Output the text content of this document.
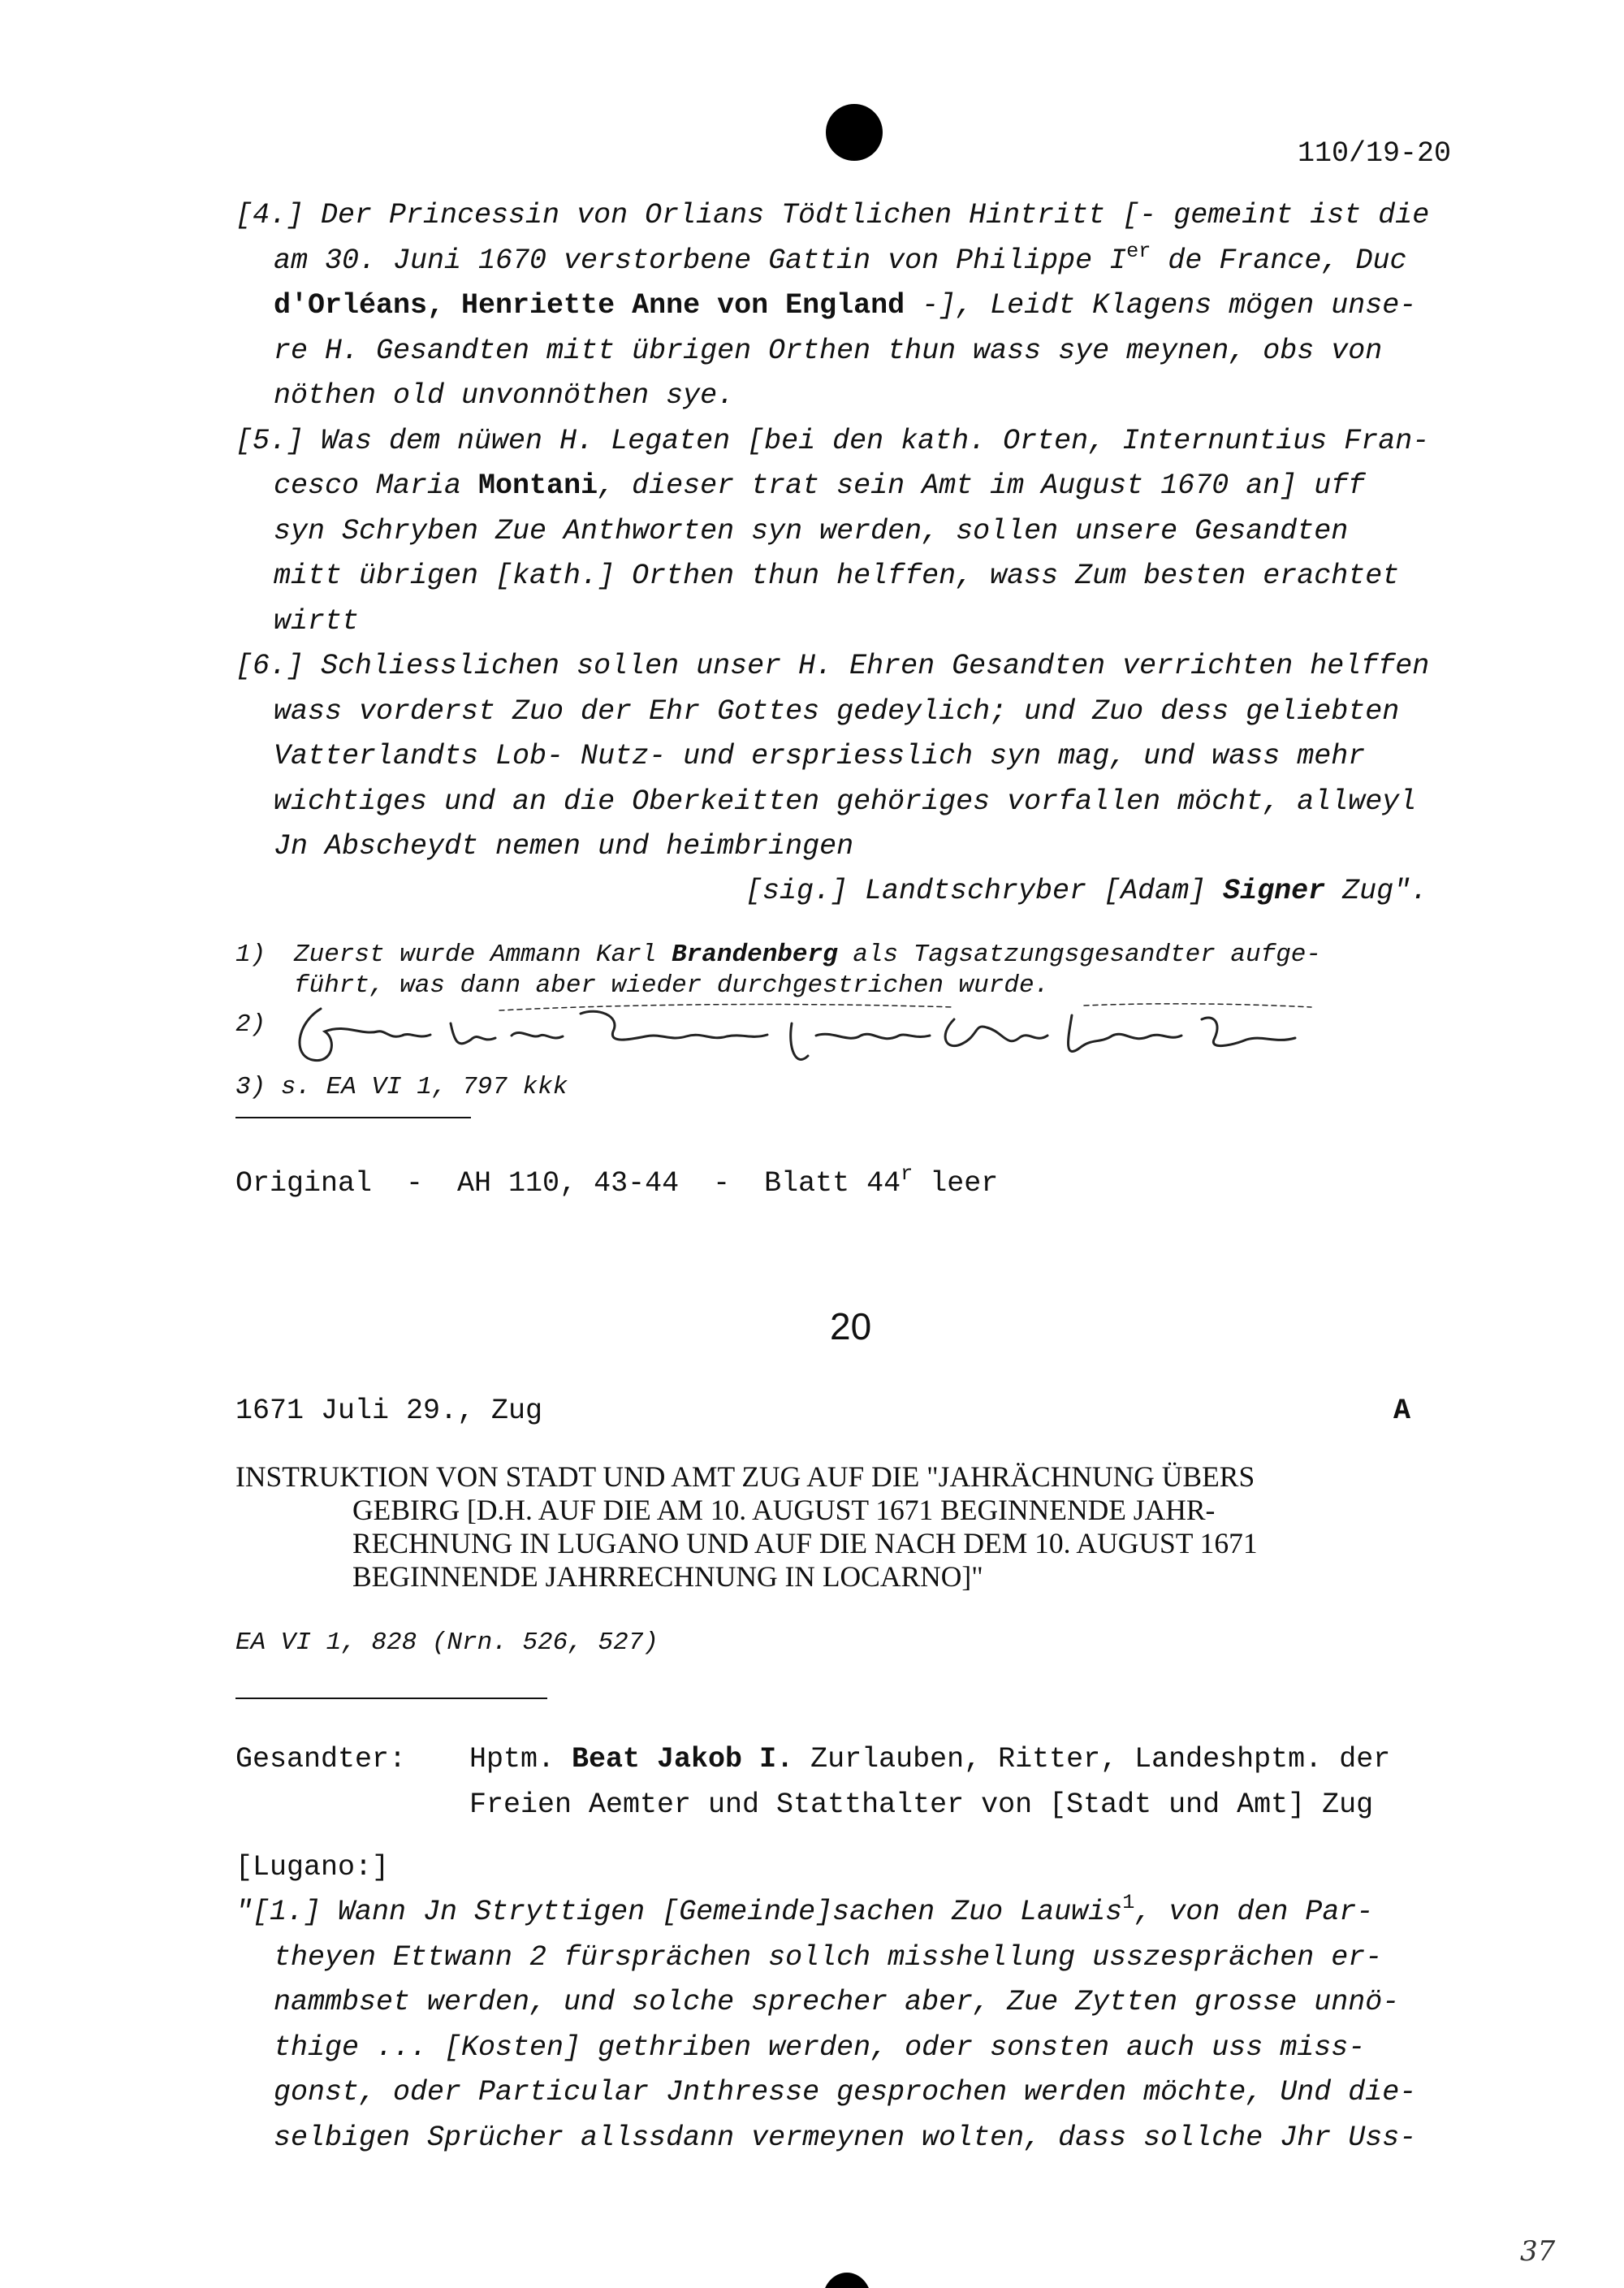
110/19-20
[4.] Der Princessin von Orlians Tödtlichen Hintritt [- gemeint ist die
am 30. Juni 1670 verstorbene Gattin von Philippe Ier de France, Duc
d'Orléans, Henriette Anne von England -], Leidt Klagens mögen unse-
re H. Gesandten mitt übrigen Orthen thun wass sye meynen, obs von
nöthen old unvonnöthen sye.
[5.] Was dem nüwen H. Legaten [bei den kath. Orten, Internuntius Fran-
cesco Maria Montani, dieser trat sein Amt im August 1670 an] uff
syn Schryben Zue Anthworten syn werden, sollen unsere Gesandten
mitt übrigen [kath.] Orthen thun helffen, wass Zum besten erachtet
wirtt
[6.] Schliesslichen sollen unser H. Ehren Gesandten verrichten helffen
wass vorderst Zuo der Ehr Gottes gedeylich; und Zuo dess geliebten
Vatterlandts Lob- Nutz- und erspriesslich syn mag, und wass mehr
wichtiges und an die Oberkeitten gehöriges vorfallen möcht, allweyl
Jn Abscheydt nemen und heimbringen
[sig.] Landtschryber [Adam] Signer Zug".
1) Zuerst wurde Ammann Karl Brandenberg als Tagsatzungsgesandter aufge-
führt, was dann aber wieder durchgestrichen wurde.
2)
3) s. EA VI 1, 797 kkk
Original  -  AH 110, 43-44  -  Blatt 44$^r$ leer
20
1671 Juli 29., Zug	A
INSTRUKTION VON STADT UND AMT ZUG AUF DIE "JAHRÄCHNUNG ÜBERS
GEBIRG [D.H. AUF DIE AM 10. AUGUST 1671 BEGINNENDE JAHR-
RECHNUNG IN LUGANO UND AUF DIE NACH DEM 10. AUGUST 1671
BEGINNENDE JAHRRECHNUNG IN LOCARNO]"
EA VI 1, 828 (Nrn. 526, 527)
Gesandter: Hptm. Beat Jakob I. Zurlauben, Ritter, Landeshptm. der
Freien Aemter und Statthalter von [Stadt und Amt] Zug
[Lugano:]
"[1.] Wann Jn Stryttigen [Gemeinde]sachen Zuo Lauwis$^1$, von den Par-
theyen Ettwann 2 fürsprächen sollch misshellung usszesprächen er-
nammbset werden, und solche sprecher aber, Zue Zytten grosse unnö-
thige ... [Kosten] gethriben werden, oder sonsten auch uss miss-
gonst, oder Particular Jnthresse gesprochen werden möchte, Und die-
selbigen Sprücher allssdann vermeynen wolten, dass sollche Jhr Uss-
37
